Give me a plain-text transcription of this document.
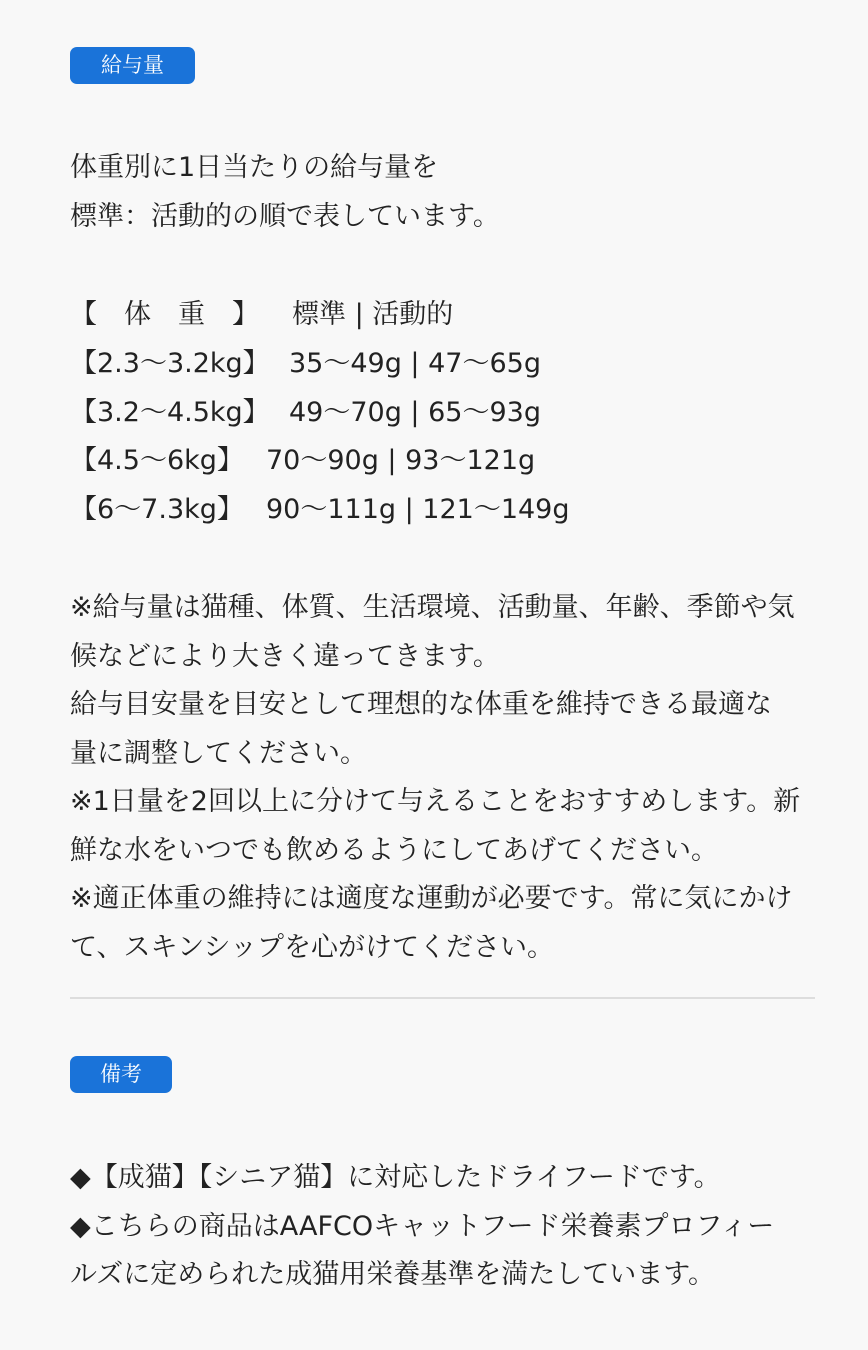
給与量
体重別に1日当たりの給与量を
標準：活動的の順で表しています。
【　体　重　】 標準 | 活動的
【2.3〜3.2kg】 35〜49g | 47〜65g
【3.2〜4.5kg】 49〜70g | 65〜93g
【4.5〜6kg】 70〜90g | 93〜121g
【6〜7.3kg】 90〜111g | 121〜149g
※給与量は猫種、体質、生活環境、活動量、年齢、季節や気
候などにより大きく違ってきます。
給与目安量を目安として理想的な体重を維持できる最適な
量に調整してください。
※1日量を2回以上に分けて与えることをおすすめします。新
鮮な水をいつでも飲めるようにしてあげてください。
※適正体重の維持には適度な運動が必要です。常に気にかけ
て、スキンシップを心がけてください。
備考
◆【成猫】【シニア猫】に対応したドライフードです。
◆こちらの商品はAAFCOキャットフード栄養素プロフィー
ルズに定められた成猫用栄養基準を満たしています。
